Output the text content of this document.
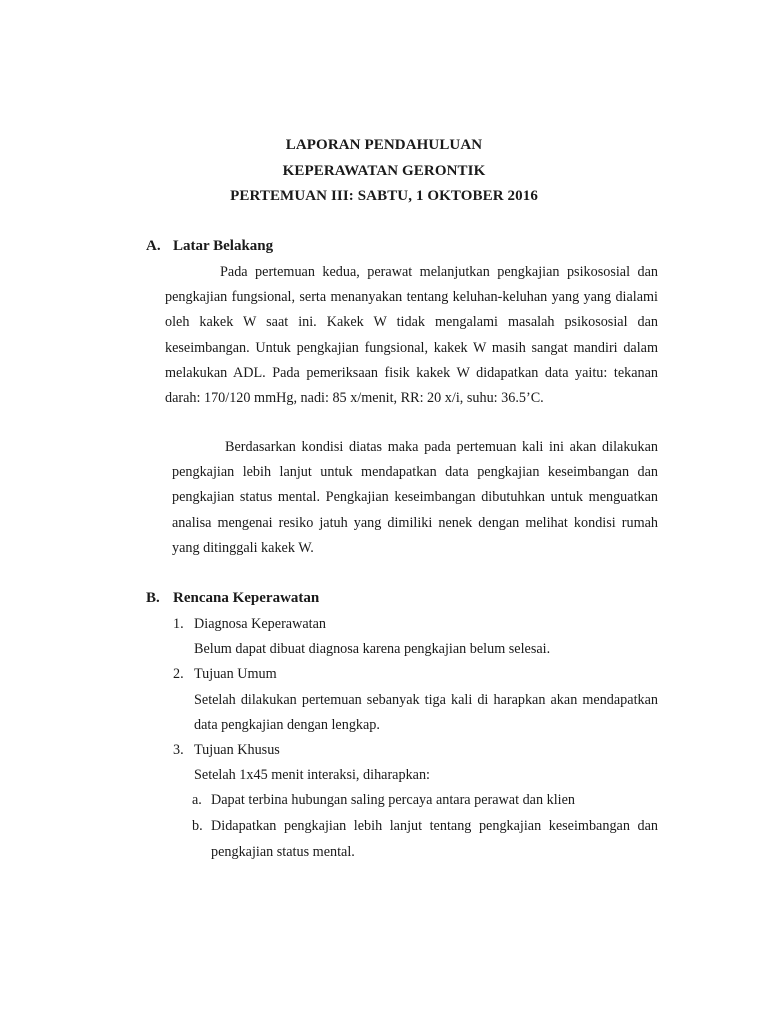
LAPORAN PENDAHULUAN
KEPERAWATAN GERONTIK
PERTEMUAN III: SABTU, 1 OKTOBER 2016
A. Latar Belakang

Pada pertemuan kedua, perawat melanjutkan pengkajian psikososial dan pengkajian fungsional, serta menanyakan tentang keluhan-keluhan yang yang dialami oleh kakek W saat ini. Kakek W tidak mengalami masalah psikososial dan keseimbangan. Untuk pengkajian fungsional, kakek W masih sangat mandiri dalam melakukan ADL. Pada pemeriksaan fisik kakek W didapatkan data yaitu: tekanan darah: 170/120 mmHg, nadi: 85 x/menit, RR: 20 x/i, suhu: 36.5’C.

Berdasarkan kondisi diatas maka pada pertemuan kali ini akan dilakukan pengkajian lebih lanjut untuk mendapatkan data pengkajian keseimbangan dan pengkajian status mental. Pengkajian keseimbangan dibutuhkan untuk menguatkan analisa mengenai resiko jatuh yang dimiliki nenek dengan melihat kondisi rumah yang ditinggali kakek W.

B. Rencana Keperawatan
1. Diagnosa Keperawatan

Belum dapat dibuat diagnosa karena pengkajian belum selesai.

2. Tujuan Umum

Setelah dilakukan pertemuan sebanyak tiga kali di harapkan akan mendapatkan data pengkajian dengan lengkap.

3. Tujuan Khusus

Setelah 1x45 menit interaksi, diharapkan:

a. Dapat terbina hubungan saling percaya antara perawat dan klien
b. Didapatkan pengkajian lebih lanjut tentang pengkajian keseimbangan dan pengkajian status mental.
